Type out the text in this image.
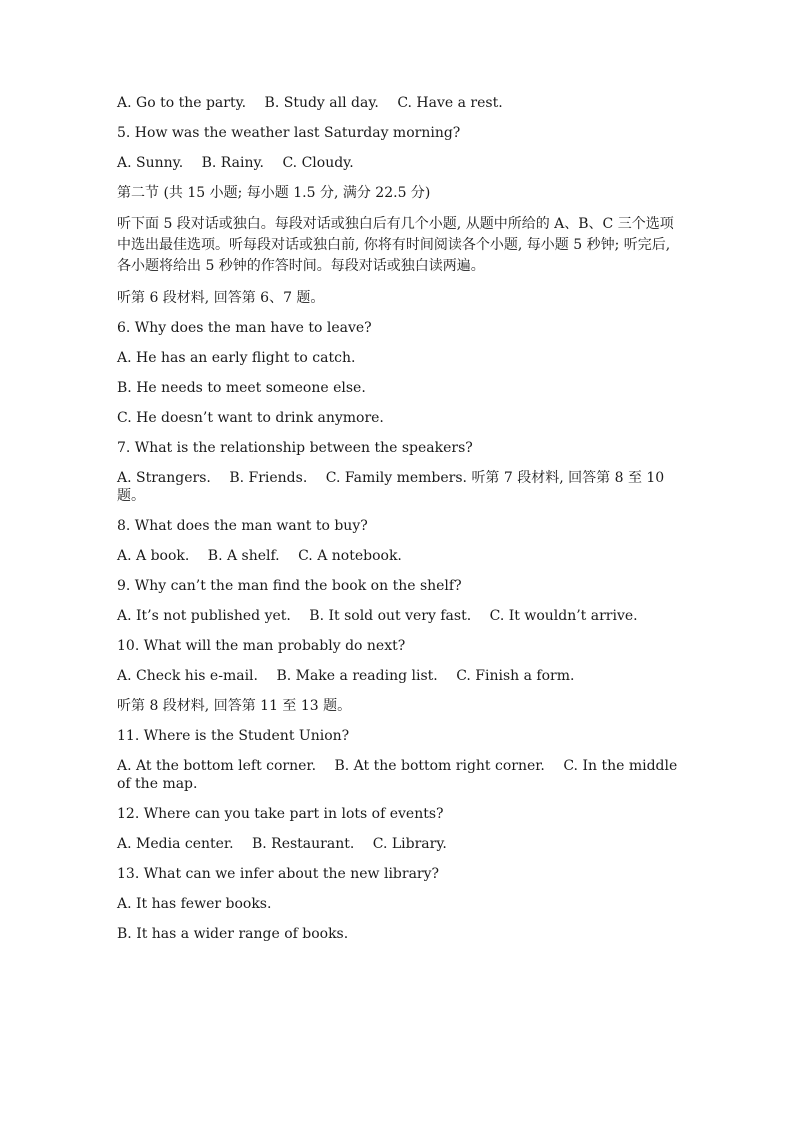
A. Go to the party. B. Study all day. C. Have a rest.
5. How was the weather last Saturday morning?
A. Sunny. B. Rainy. C. Cloudy.
第二节 (共 15 小题; 每小题 1.5 分, 满分 22.5 分)
听下面 5 段对话或独白。每段对话或独白后有几个小题, 从题中所给的 A、B、C 三个选项中选出最佳选项。听每段对话或独白前, 你将有时间阅读各个小题, 每小题 5 秒钟; 听完后, 各小题将给出 5 秒钟的作答时间。每段对话或独白读两遍。
听第 6 段材料, 回答第 6、7 题。
6. Why does the man have to leave?
A. He has an early flight to catch.
B. He needs to meet someone else.
C. He doesn’t want to drink anymore.
7. What is the relationship between the speakers?
A. Strangers. B. Friends. C. Family members. 听第 7 段材料, 回答第 8 至 10 题。
8. What does the man want to buy?
A. A book. B. A shelf. C. A notebook.
9. Why can’t the man find the book on the shelf?
A. It’s not published yet. B. It sold out very fast. C. It wouldn’t arrive.
10. What will the man probably do next?
A. Check his e-mail. B. Make a reading list. C. Finish a form.
听第 8 段材料, 回答第 11 至 13 题。
11. Where is the Student Union?
A. At the bottom left corner. B. At the bottom right corner. C. In the middle of the map.
12. Where can you take part in lots of events?
A. Media center. B. Restaurant. C. Library.
13. What can we infer about the new library?
A. It has fewer books.
B. It has a wider range of books.
